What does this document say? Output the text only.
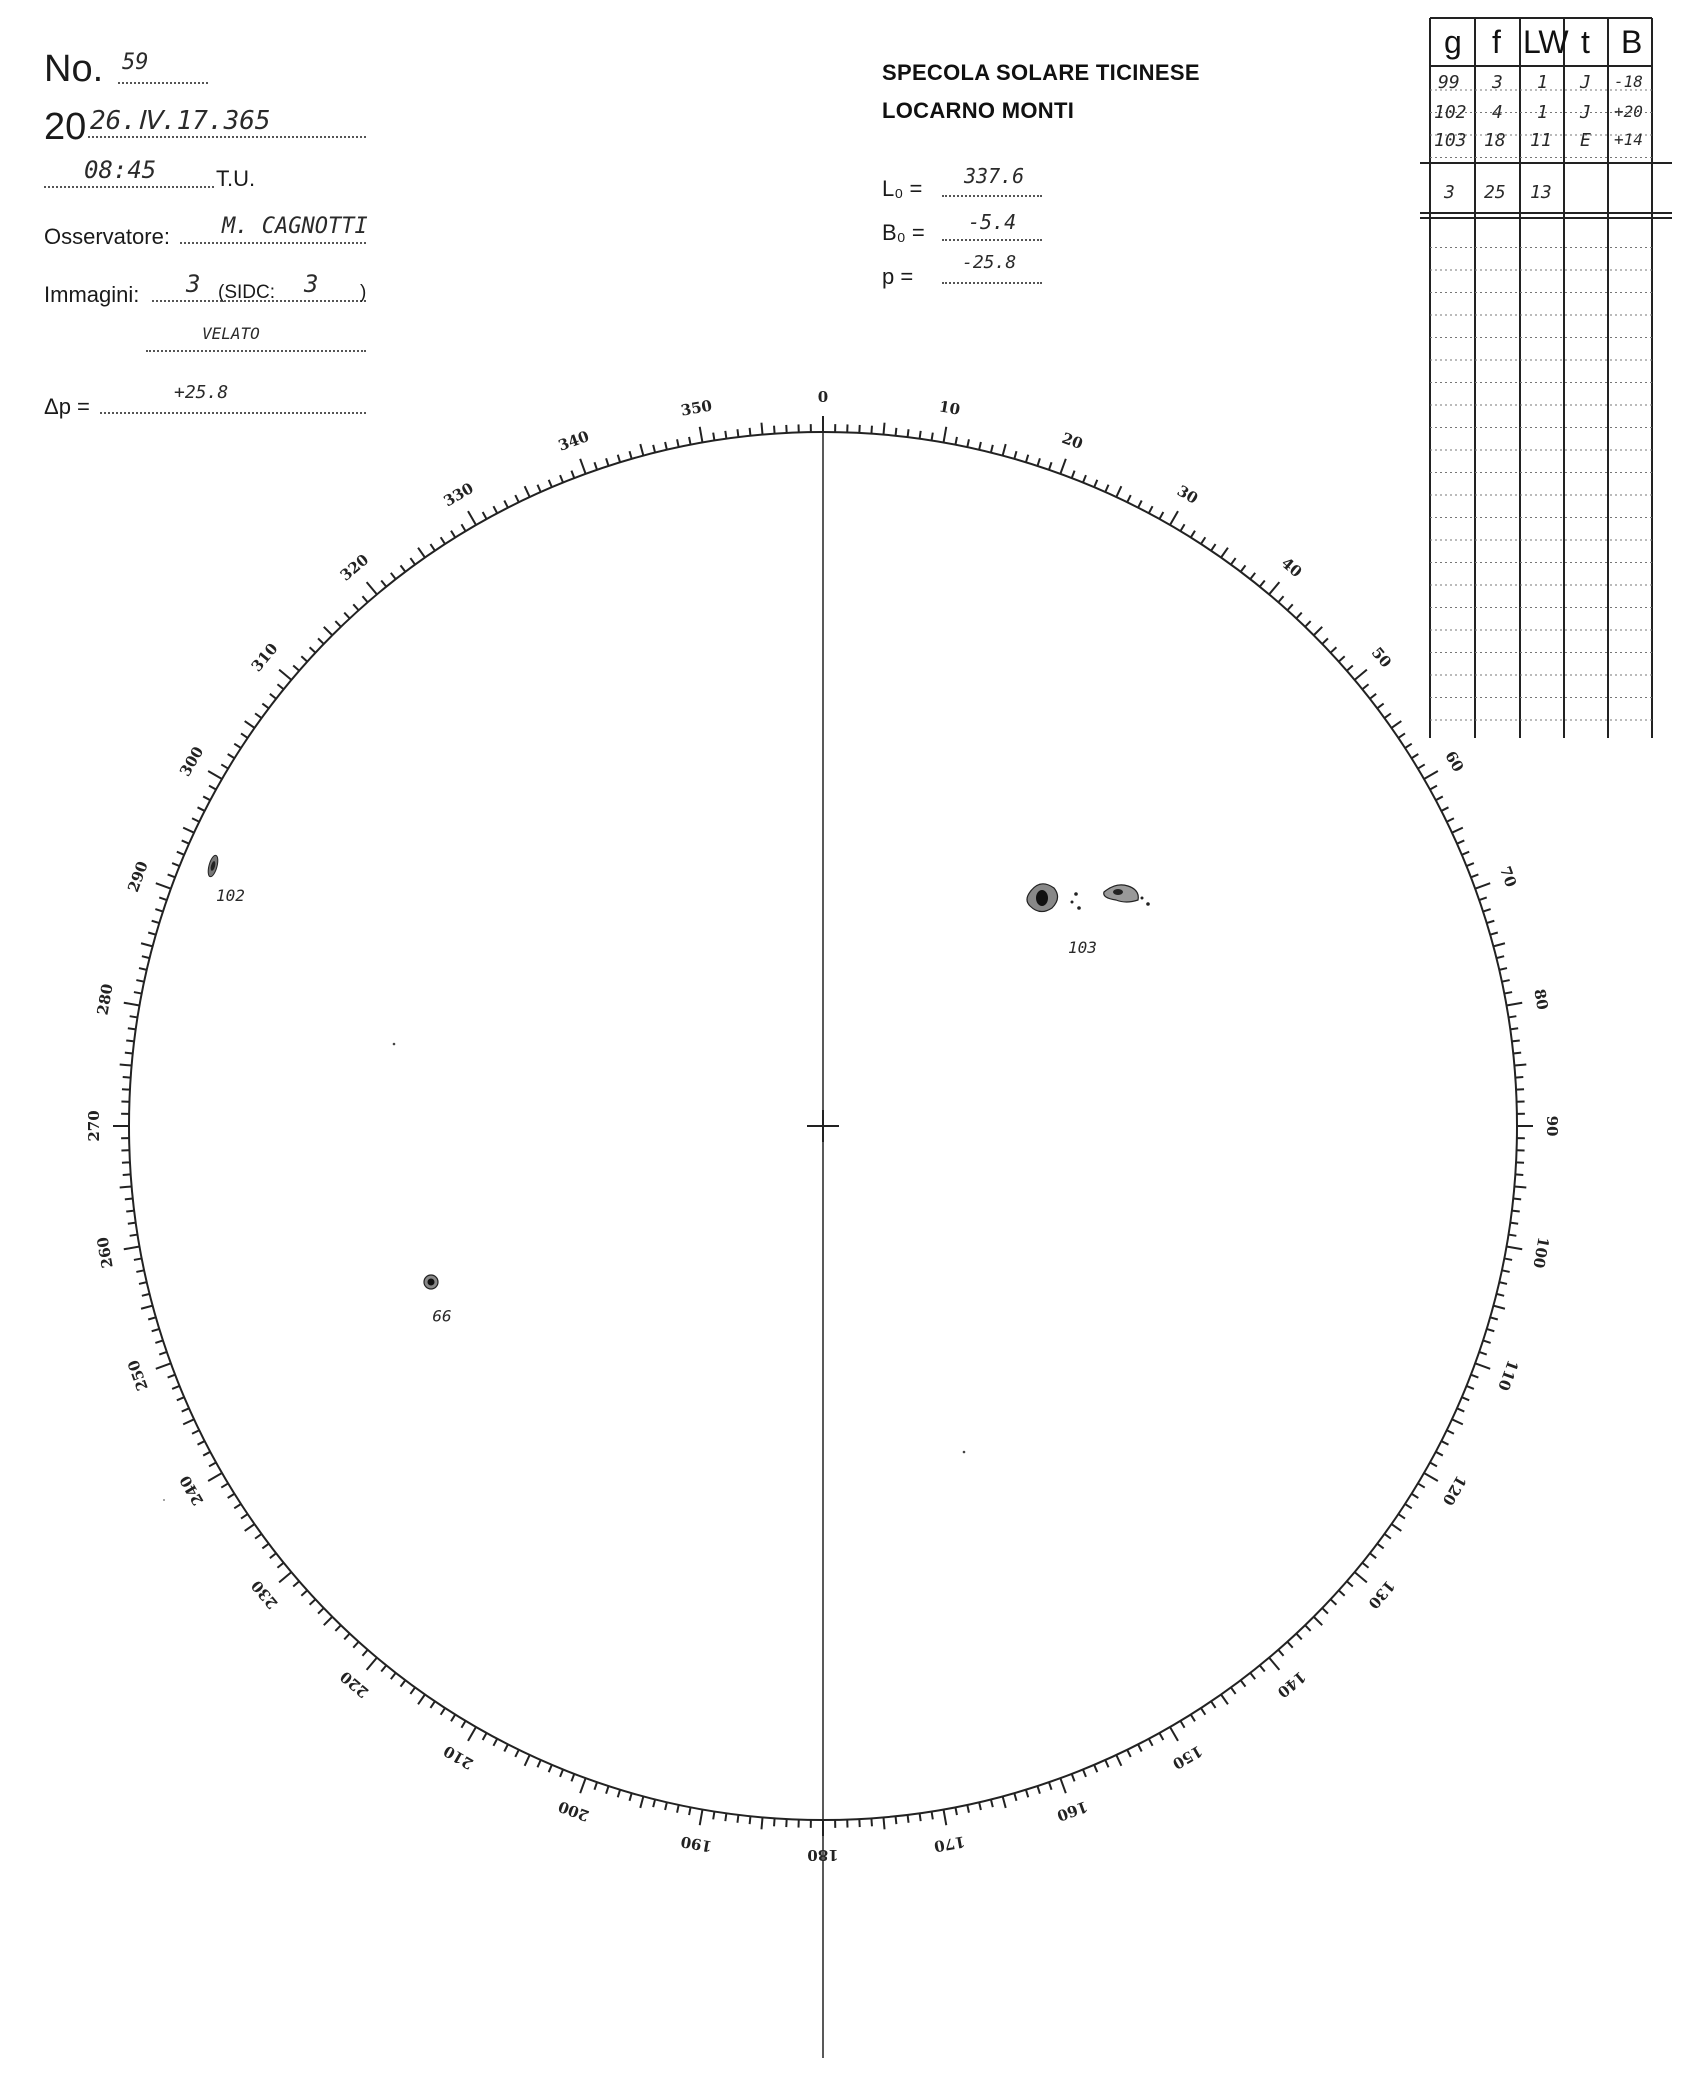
No. 59
20 26.Ⅳ.17.365
08:45	T.U.
Osservatore: M. CAGNOTTI
Immagini: 3 (SIDC: 3 )
VELATO
Δp =
+25.8
SPECOLA SOLARE TICINESE
LOCARNO MONTI
L₀ = 337.6
B₀ = -5.4
p =
-25.8
g f LW t B
99 3 1 J -18
102 4 1 J +20
103 18 11 E +14
3 25 13
0
10
20
30
40
50
60
70
80
90
100
110
120
130
140
150
160
170
180
190
200
210
220
230
240
250
260
270
280
290
300
310
320
330
340
350
102
103
99
